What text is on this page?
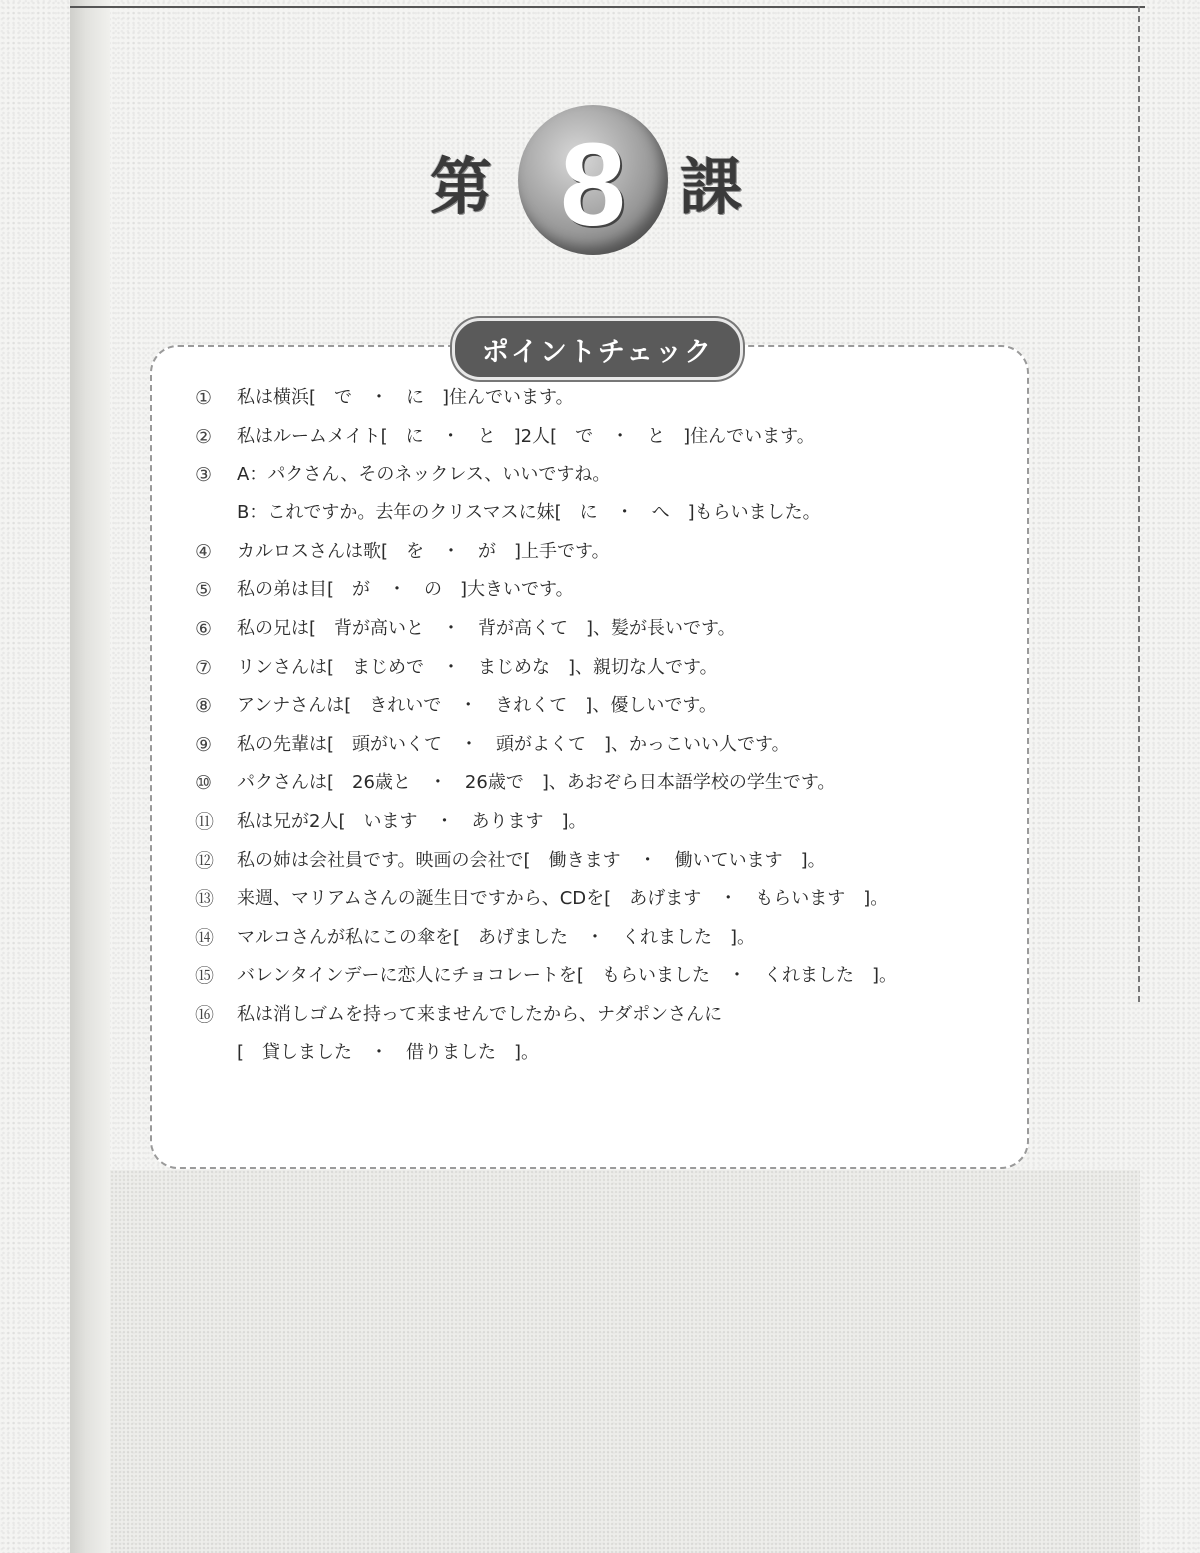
第 8 課
ポイントチェック
①	私は横浜[　で　・　に　]住んでいます。
②	私はルームメイト[　に　・　と　]2人[　で　・　と　]住んでいます。
③	A：パクさん、そのネックレス、いいですね。
B：これですか。去年のクリスマスに妹[　に　・　へ　]もらいました。
④	カルロスさんは歌[　を　・　が　]上手です。
⑤	私の弟は目[　が　・　の　]大きいです。
⑥	私の兄は[　背が高いと　・　背が高くて　]、髪が長いです。
⑦	リンさんは[　まじめで　・　まじめな　]、親切な人です。
⑧	アンナさんは[　きれいで　・　きれくて　]、優しいです。
⑨	私の先輩は[　頭がいくて　・　頭がよくて　]、かっこいい人です。
⑩	パクさんは[　26歳と　・　26歳で　]、あおぞら日本語学校の学生です。
⑪	私は兄が2人[　います　・　あります　]。
⑫	私の姉は会社員です。映画の会社で[　働きます　・　働いています　]。
⑬	来週、マリアムさんの誕生日ですから、CDを[　あげます　・　もらいます　]。
⑭	マルコさんが私にこの傘を[　あげました　・　くれました　]。
⑮	バレンタインデーに恋人にチョコレートを[　もらいました　・　くれました　]。
⑯	私は消しゴムを持って来ませんでしたから、ナダポンさんに
[　貸しました　・　借りました　]。
